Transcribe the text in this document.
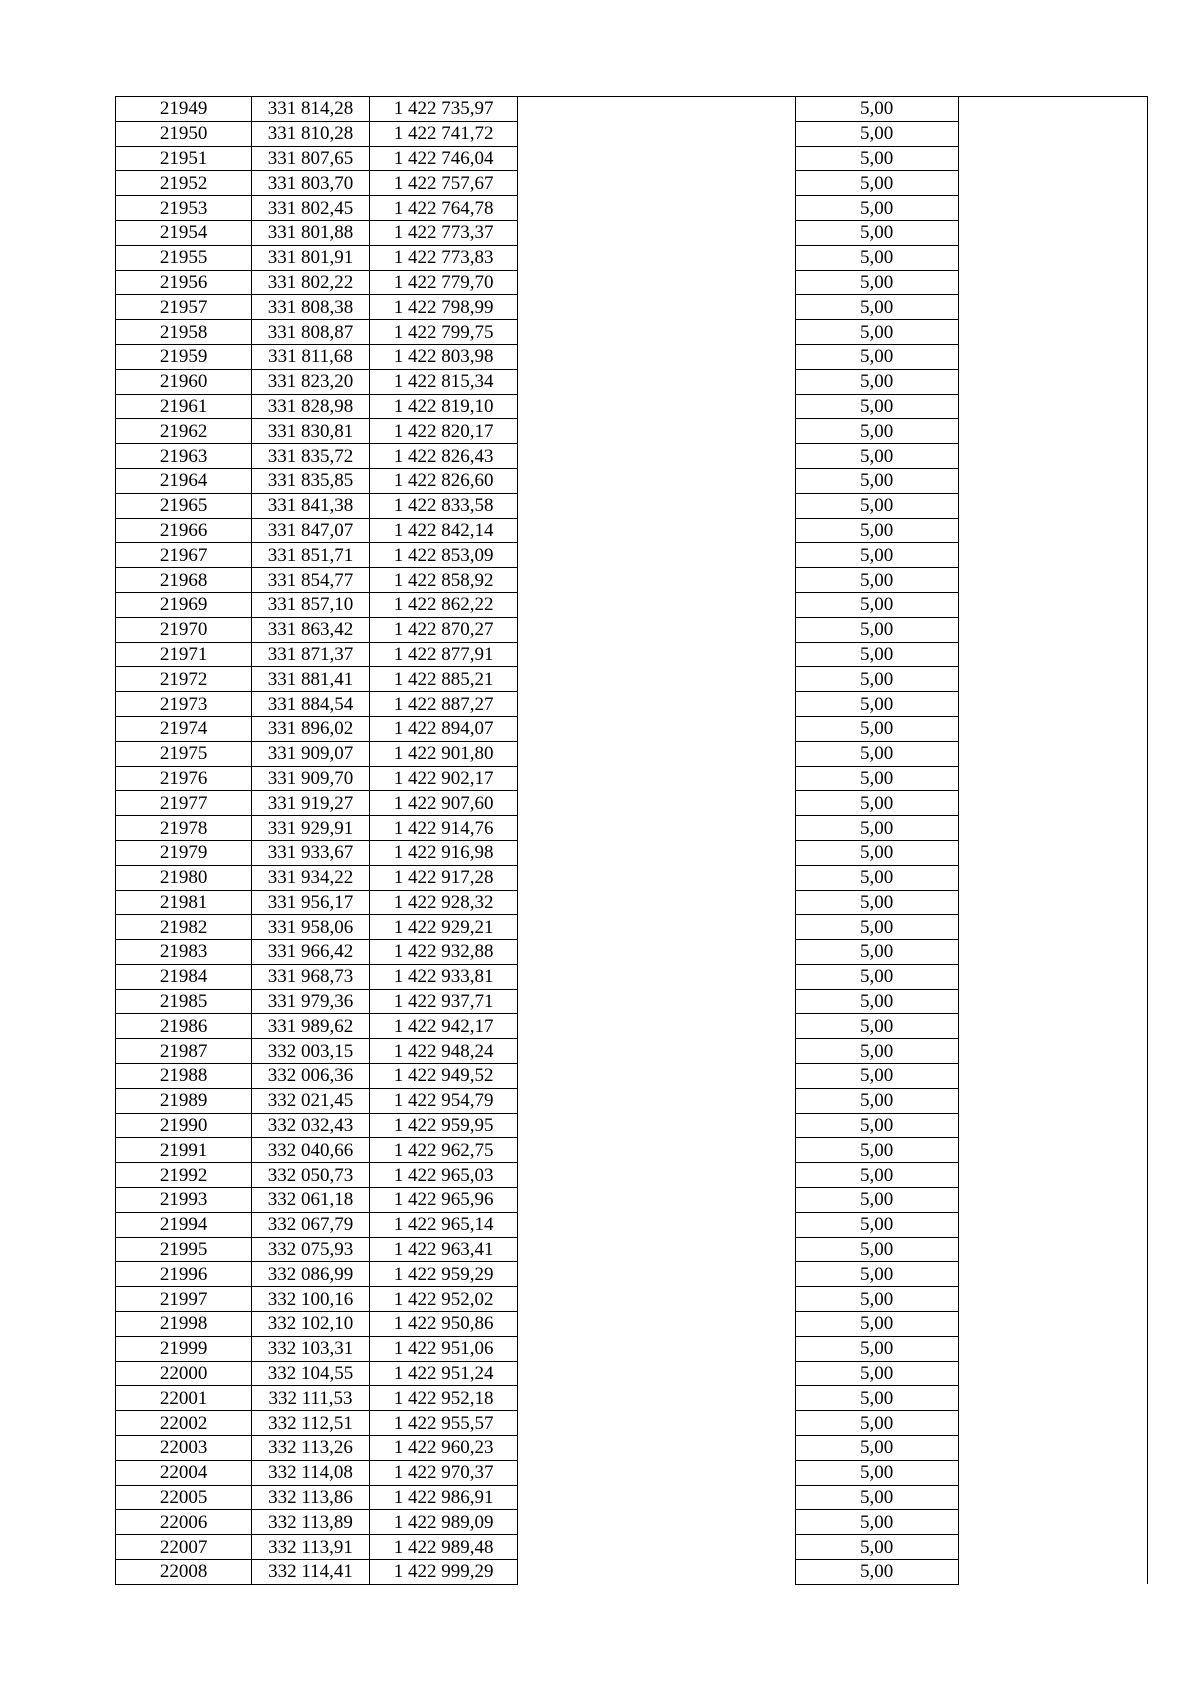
21949	331 814,28	1 422 735,97		5,00	
21950	331 810,28	1 422 741,72		5,00	
21951	331 807,65	1 422 746,04		5,00	
21952	331 803,70	1 422 757,67		5,00	
21953	331 802,45	1 422 764,78		5,00	
21954	331 801,88	1 422 773,37		5,00	
21955	331 801,91	1 422 773,83		5,00	
21956	331 802,22	1 422 779,70		5,00	
21957	331 808,38	1 422 798,99		5,00	
21958	331 808,87	1 422 799,75		5,00	
21959	331 811,68	1 422 803,98		5,00	
21960	331 823,20	1 422 815,34		5,00	
21961	331 828,98	1 422 819,10		5,00	
21962	331 830,81	1 422 820,17		5,00	
21963	331 835,72	1 422 826,43		5,00	
21964	331 835,85	1 422 826,60		5,00	
21965	331 841,38	1 422 833,58		5,00	
21966	331 847,07	1 422 842,14		5,00	
21967	331 851,71	1 422 853,09		5,00	
21968	331 854,77	1 422 858,92		5,00	
21969	331 857,10	1 422 862,22		5,00	
21970	331 863,42	1 422 870,27		5,00	
21971	331 871,37	1 422 877,91		5,00	
21972	331 881,41	1 422 885,21		5,00	
21973	331 884,54	1 422 887,27		5,00	
21974	331 896,02	1 422 894,07		5,00	
21975	331 909,07	1 422 901,80		5,00	
21976	331 909,70	1 422 902,17		5,00	
21977	331 919,27	1 422 907,60		5,00	
21978	331 929,91	1 422 914,76		5,00	
21979	331 933,67	1 422 916,98		5,00	
21980	331 934,22	1 422 917,28		5,00	
21981	331 956,17	1 422 928,32		5,00	
21982	331 958,06	1 422 929,21		5,00	
21983	331 966,42	1 422 932,88		5,00	
21984	331 968,73	1 422 933,81		5,00	
21985	331 979,36	1 422 937,71		5,00	
21986	331 989,62	1 422 942,17		5,00	
21987	332 003,15	1 422 948,24		5,00	
21988	332 006,36	1 422 949,52		5,00	
21989	332 021,45	1 422 954,79		5,00	
21990	332 032,43	1 422 959,95		5,00	
21991	332 040,66	1 422 962,75		5,00	
21992	332 050,73	1 422 965,03		5,00	
21993	332 061,18	1 422 965,96		5,00	
21994	332 067,79	1 422 965,14		5,00	
21995	332 075,93	1 422 963,41		5,00	
21996	332 086,99	1 422 959,29		5,00	
21997	332 100,16	1 422 952,02		5,00	
21998	332 102,10	1 422 950,86		5,00	
21999	332 103,31	1 422 951,06		5,00	
22000	332 104,55	1 422 951,24		5,00	
22001	332 111,53	1 422 952,18		5,00	
22002	332 112,51	1 422 955,57		5,00	
22003	332 113,26	1 422 960,23		5,00	
22004	332 114,08	1 422 970,37		5,00	
22005	332 113,86	1 422 986,91		5,00	
22006	332 113,89	1 422 989,09		5,00	
22007	332 113,91	1 422 989,48		5,00	
22008	332 114,41	1 422 999,29		5,00	
